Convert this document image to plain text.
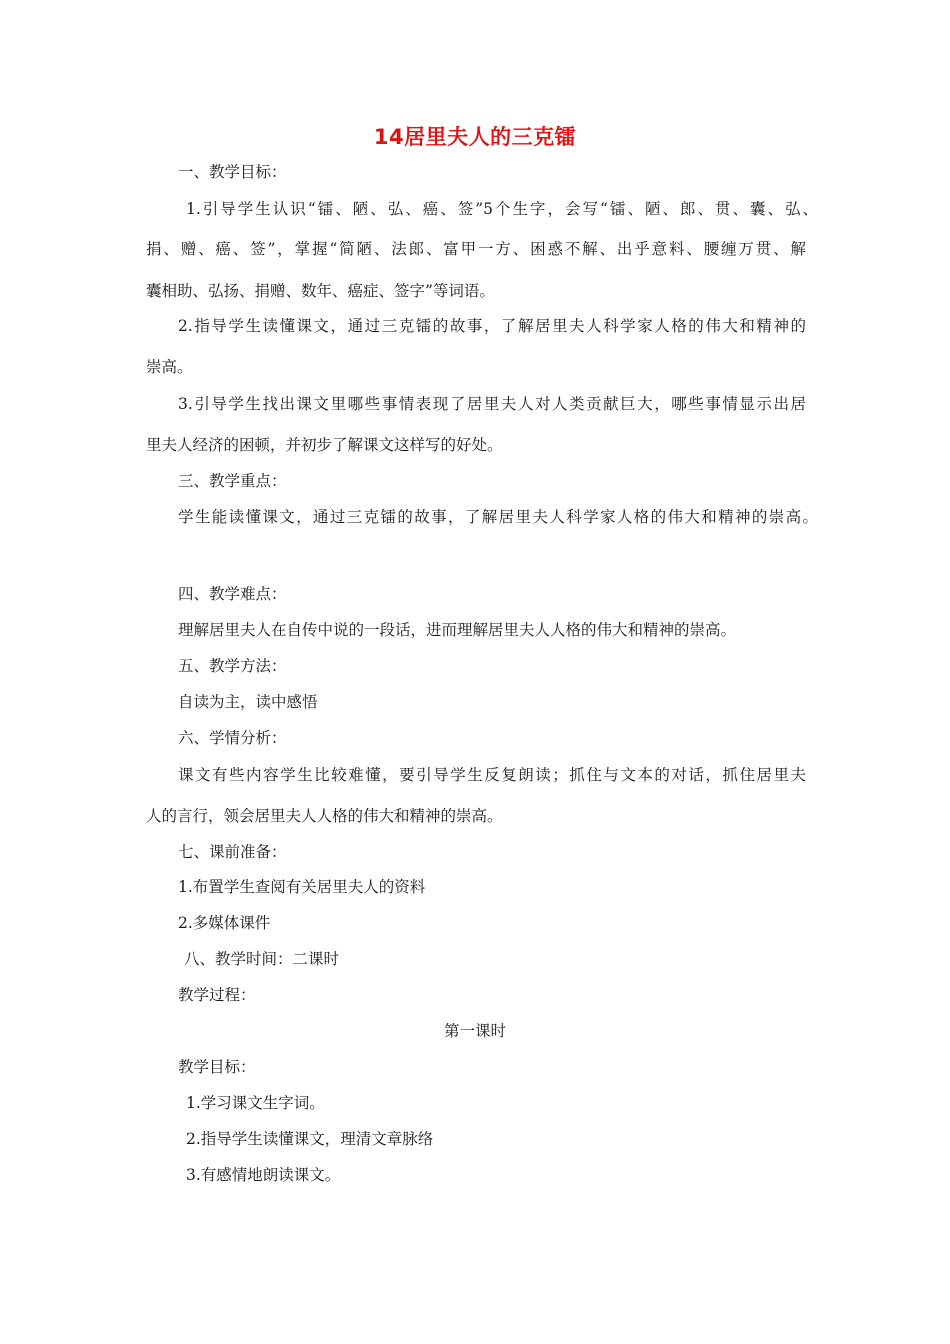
14居里夫人的三克镭
一、教学目标：
1.引导学生认识“镭、陋、弘、癌、签”5个生字，会写“镭、陋、郎、贯、囊、弘、
捐、赠、癌、签”，掌握“简陋、法郎、富甲一方、困惑不解、出乎意料、腰缠万贯、解
囊相助、弘扬、捐赠、数年、癌症、签字”等词语。
2.指导学生读懂课文，通过三克镭的故事，了解居里夫人科学家人格的伟大和精神的
崇高。
3.引导学生找出课文里哪些事情表现了居里夫人对人类贡献巨大，哪些事情显示出居
里夫人经济的困顿，并初步了解课文这样写的好处。
三、教学重点：
学生能读懂课文，通过三克镭的故事，了解居里夫人科学家人格的伟大和精神的崇高。
四、教学难点：
理解居里夫人在自传中说的一段话，进而理解居里夫人人格的伟大和精神的崇高。
五、教学方法：
自读为主，读中感悟
六、学情分析：
课文有些内容学生比较难懂，要引导学生反复朗读；抓住与文本的对话，抓住居里夫
人的言行，领会居里夫人人格的伟大和精神的崇高。
七、课前准备：
1.布置学生查阅有关居里夫人的资料
2.多媒体课件
八、教学时间：二课时
教学过程：
第一课时
教学目标：
1.学习课文生字词。
2.指导学生读懂课文，理清文章脉络
3.有感情地朗读课文。
